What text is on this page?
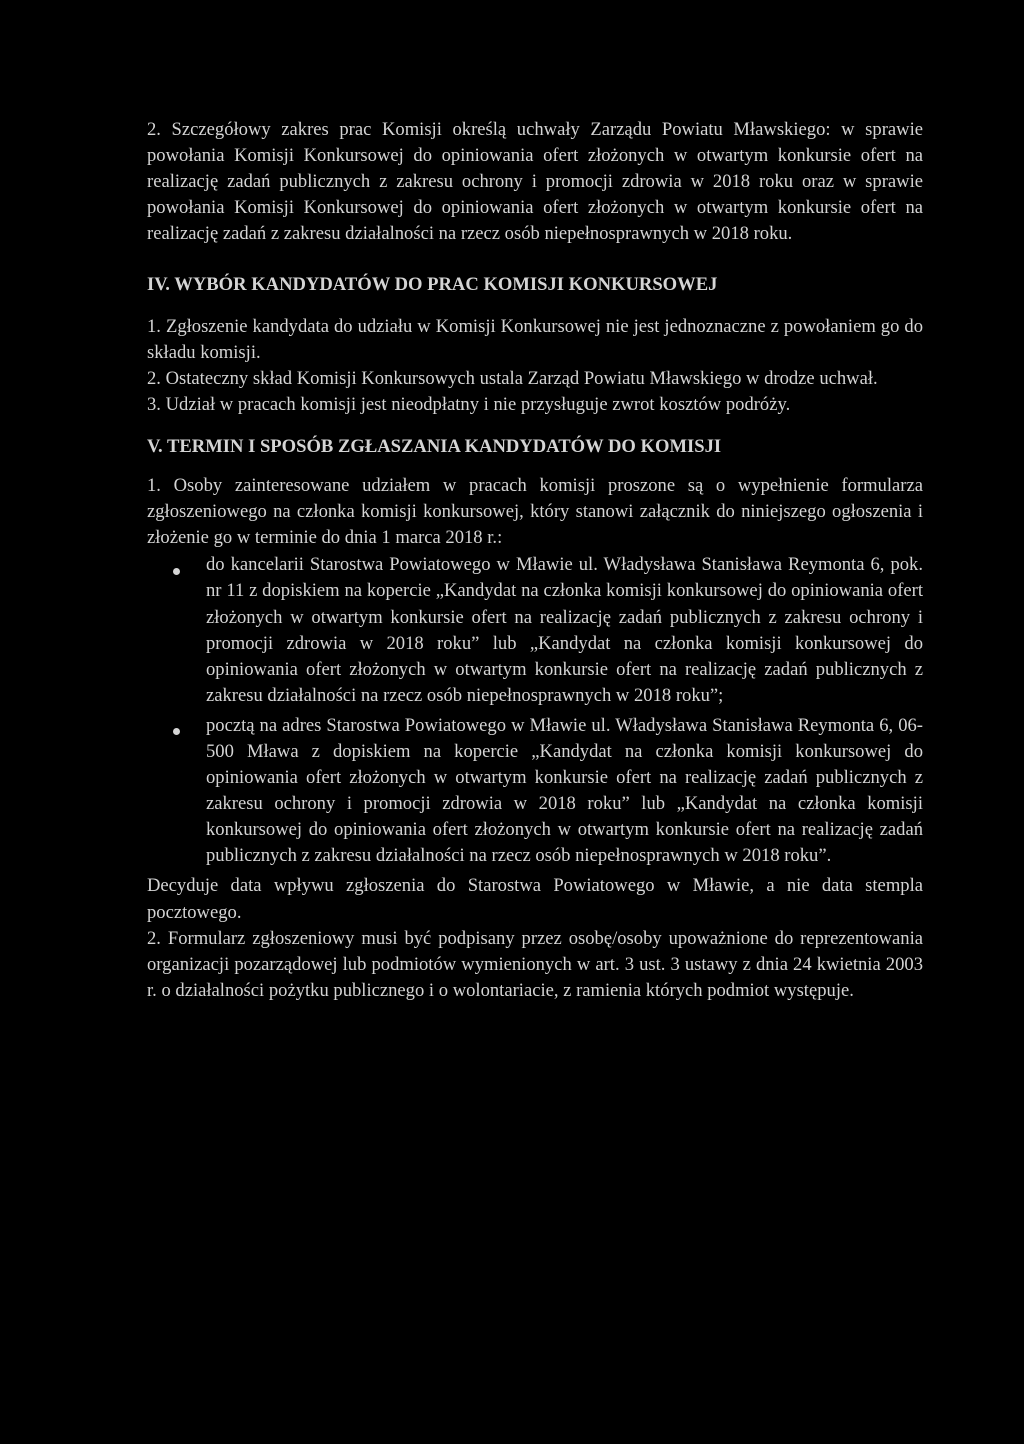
2. Szczegółowy zakres prac Komisji określą uchwały Zarządu Powiatu Mławskiego: w sprawie powołania Komisji Konkursowej do opiniowania ofert złożonych w otwartym konkursie ofert na realizację zadań publicznych z zakresu ochrony i promocji zdrowia w 2018 roku oraz w sprawie powołania Komisji Konkursowej do opiniowania ofert złożonych w otwartym konkursie ofert na realizację zadań z zakresu działalności na rzecz osób niepełnosprawnych w 2018 roku.

IV. WYBÓR KANDYDATÓW DO PRAC KOMISJI KONKURSOWEJ

1. Zgłoszenie kandydata do udziału w Komisji Konkursowej nie jest jednoznaczne z powołaniem go do składu komisji.

2. Ostateczny skład Komisji Konkursowych ustala Zarząd Powiatu Mławskiego w drodze uchwał.

3. Udział w pracach komisji jest nieodpłatny i nie przysługuje zwrot kosztów podróży.

V. TERMIN I SPOSÓB ZGŁASZANIA KANDYDATÓW DO KOMISJI

1. Osoby zainteresowane udziałem w pracach komisji proszone są o wypełnienie formularza zgłoszeniowego na członka komisji konkursowej, który stanowi załącznik do niniejszego ogłoszenia i złożenie go w terminie do dnia 1 marca 2018 r.:

do kancelarii Starostwa Powiatowego w Mławie ul. Władysława Stanisława Reymonta 6, pok. nr 11 z dopiskiem na kopercie „Kandydat na członka komisji konkursowej do opiniowania ofert złożonych w otwartym konkursie ofert na realizację zadań publicznych z zakresu ochrony i promocji zdrowia w 2018 roku” lub „Kandydat na członka komisji konkursowej do opiniowania ofert złożonych w otwartym konkursie ofert na realizację zadań publicznych z zakresu działalności na rzecz osób niepełnosprawnych w 2018 roku”;
pocztą na adres Starostwa Powiatowego w Mławie ul. Władysława Stanisława Reymonta 6, 06-500 Mława z dopiskiem na kopercie „Kandydat na członka komisji konkursowej do opiniowania ofert złożonych w otwartym konkursie ofert na realizację zadań publicznych z zakresu ochrony i promocji zdrowia w 2018 roku” lub „Kandydat na członka komisji konkursowej do opiniowania ofert złożonych w otwartym konkursie ofert na realizację zadań publicznych z zakresu działalności na rzecz osób niepełnosprawnych w 2018 roku”.

Decyduje data wpływu zgłoszenia do Starostwa Powiatowego w Mławie, a nie data stempla pocztowego.

2. Formularz zgłoszeniowy musi być podpisany przez osobę/osoby upoważnione do reprezentowania organizacji pozarządowej lub podmiotów wymienionych w art. 3 ust. 3 ustawy z dnia 24 kwietnia 2003 r. o działalności pożytku publicznego i o wolontariacie, z ramienia których podmiot występuje.
